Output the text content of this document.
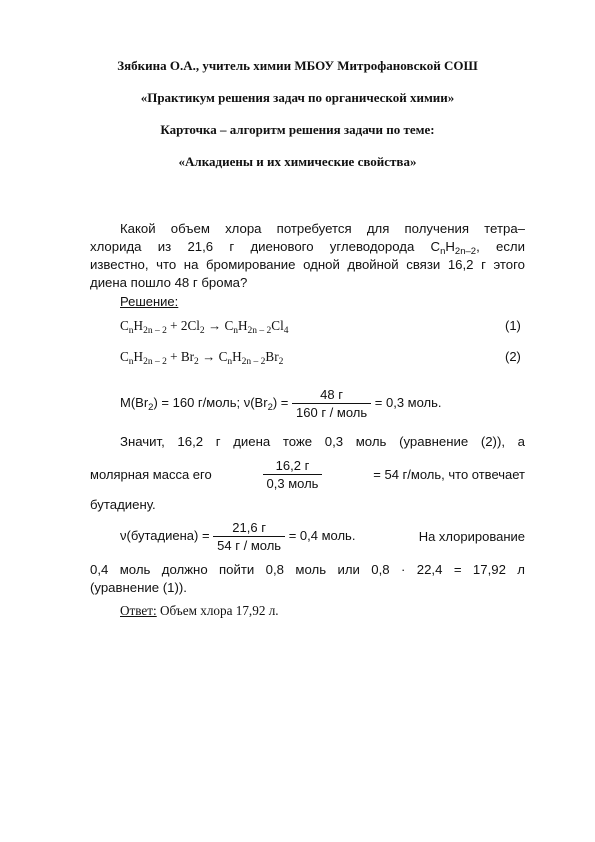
Зябкина О.А., учитель химии МБОУ Митрофановской СОШ
«Практикум решения задач по органической химии»
Карточка – алгоритм решения задачи по теме:
«Алкадиены и их химические свойства»
Какой объем хлора потребуется для получения тетра–
хлорида из 21,6 г диенового углеводорода $C_nH_{2n-2}$, если
известно, что на бромирование одной двойной связи 16,2 г этого
диена пошло 48 г брома?
Решение:
$C_nH_{2n - 2} + 2Cl_2 \to C_nH_{2n - 2}Cl_4$	(1)
$C_nH_{2n - 2} + Br_2 \to C_nH_{2n - 2}Br_2$	(2)
$M(Br_2) = 160$ г/моль; $\nu(Br_2) = \frac{48 г}{\text{160 г / моль}} = 0,3$ моль.
Значит, 16,2 г диена тоже 0,3 моль (уравнение (2)), а
молярная масса его	$\frac{16,2 г}{\text{0,3 моль}}$	= 54 г/моль, что отвечает
бутадиену.
ν(бутадиена) = $\frac{21,6 г}{\text{54 г / моль}} = 0,4$ моль.	На хлорирование
0,4 моль должно пойти 0,8 моль или 0,8 · 22,4 = 17,92 л
(уравнение (1)).
Ответ: Объем хлора 17,92 л.
